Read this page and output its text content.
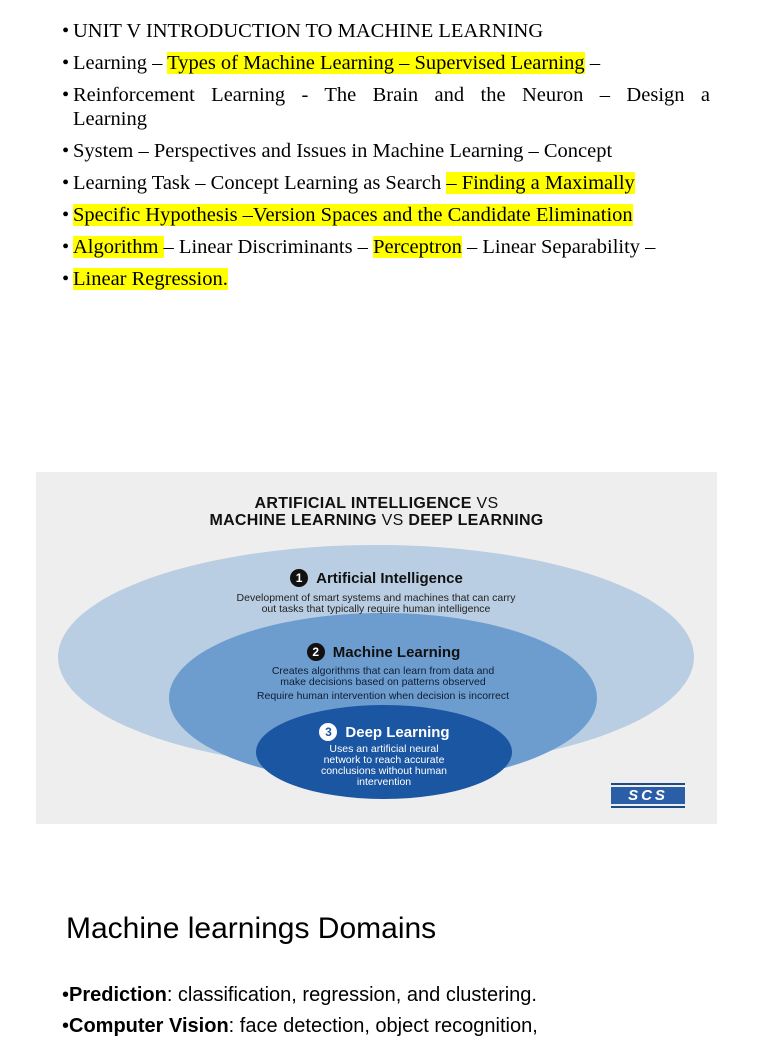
• UNIT V INTRODUCTION TO MACHINE LEARNING
• Learning – Types of Machine Learning – Supervised Learning –
• Reinforcement Learning - The Brain and the Neuron – Design a
Learning
• System – Perspectives and Issues in Machine Learning – Concept
• Learning Task – Concept Learning as Search – Finding a Maximally
• Specific Hypothesis –Version Spaces and the Candidate Elimination
• Algorithm – Linear Discriminants – Perceptron – Linear Separability –
• Linear Regression.
ARTIFICIAL INTELLIGENCE VS
MACHINE LEARNING VS DEEP LEARNING
1 Artificial Intelligence
Development of smart systems and machines that can carry
out tasks that typically require human intelligence
2 Machine Learning
Creates algorithms that can learn from data and
make decisions based on patterns observed
Require human intervention when decision is incorrect
3 Deep Learning
Uses an artificial neural
network to reach accurate
conclusions without human
intervention
SCS
Machine learnings Domains
•Prediction: classification, regression, and clustering.
•Computer Vision: face detection, object recognition,
